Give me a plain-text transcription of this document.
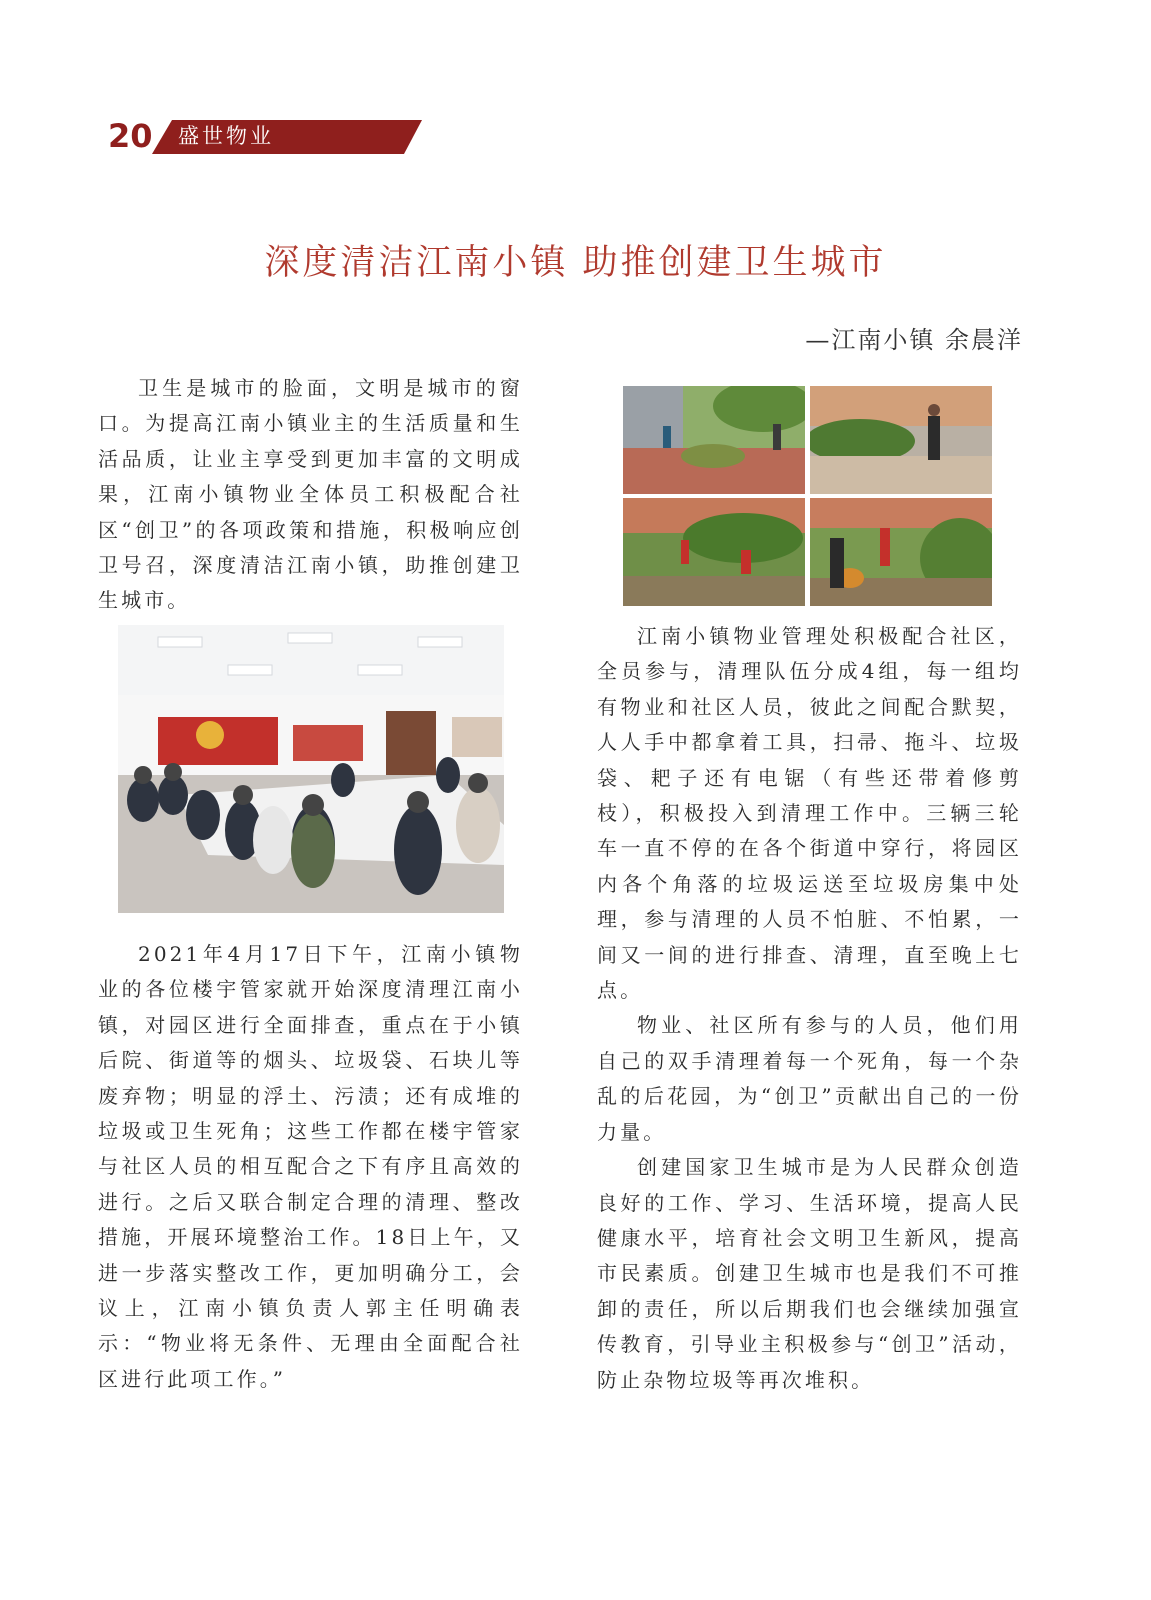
盛世物业
20
深度清洁江南小镇 助推创建卫生城市

—江南小镇 余晨洋

卫生是城市的脸面，文明是城市的窗口。为提高江南小镇业主的生活质量和生活品质，让业主享受到更加丰富的文明成果，江南小镇物业全体员工积极配合社区“创卫”的各项政策和措施，积极响应创卫号召，深度清洁江南小镇，助推创建卫生城市。

2021年4月17日下午，江南小镇物业的各位楼宇管家就开始深度清理江南小镇，对园区进行全面排查，重点在于小镇后院、街道等的烟头、垃圾袋、石块儿等废弃物；明显的浮土、污渍；还有成堆的垃圾或卫生死角；这些工作都在楼宇管家与社区人员的相互配合之下有序且高效的进行。之后又联合制定合理的清理、整改措施，开展环境整治工作。18日上午，又进一步落实整改工作，更加明确分工，会议上，江南小镇负责人郭主任明确表示：“物业将无条件、无理由全面配合社区进行此项工作。”

江南小镇物业管理处积极配合社区，全员参与，清理队伍分成4组，每一组均有物业和社区人员，彼此之间配合默契，人人手中都拿着工具，扫帚、拖斗、垃圾袋、耙子还有电锯（有些还带着修剪枝），积极投入到清理工作中。三辆三轮车一直不停的在各个街道中穿行，将园区内各个角落的垃圾运送至垃圾房集中处理，参与清理的人员不怕脏、不怕累，一间又一间的进行排查、清理，直至晚上七点。

物业、社区所有参与的人员，他们用自己的双手清理着每一个死角，每一个杂乱的后花园，为“创卫”贡献出自己的一份力量。

创建国家卫生城市是为人民群众创造良好的工作、学习、生活环境，提高人民健康水平，培育社会文明卫生新风，提高市民素质。创建卫生城市也是我们不可推卸的责任，所以后期我们也会继续加强宣传教育，引导业主积极参与“创卫”活动，防止杂物垃圾等再次堆积。
